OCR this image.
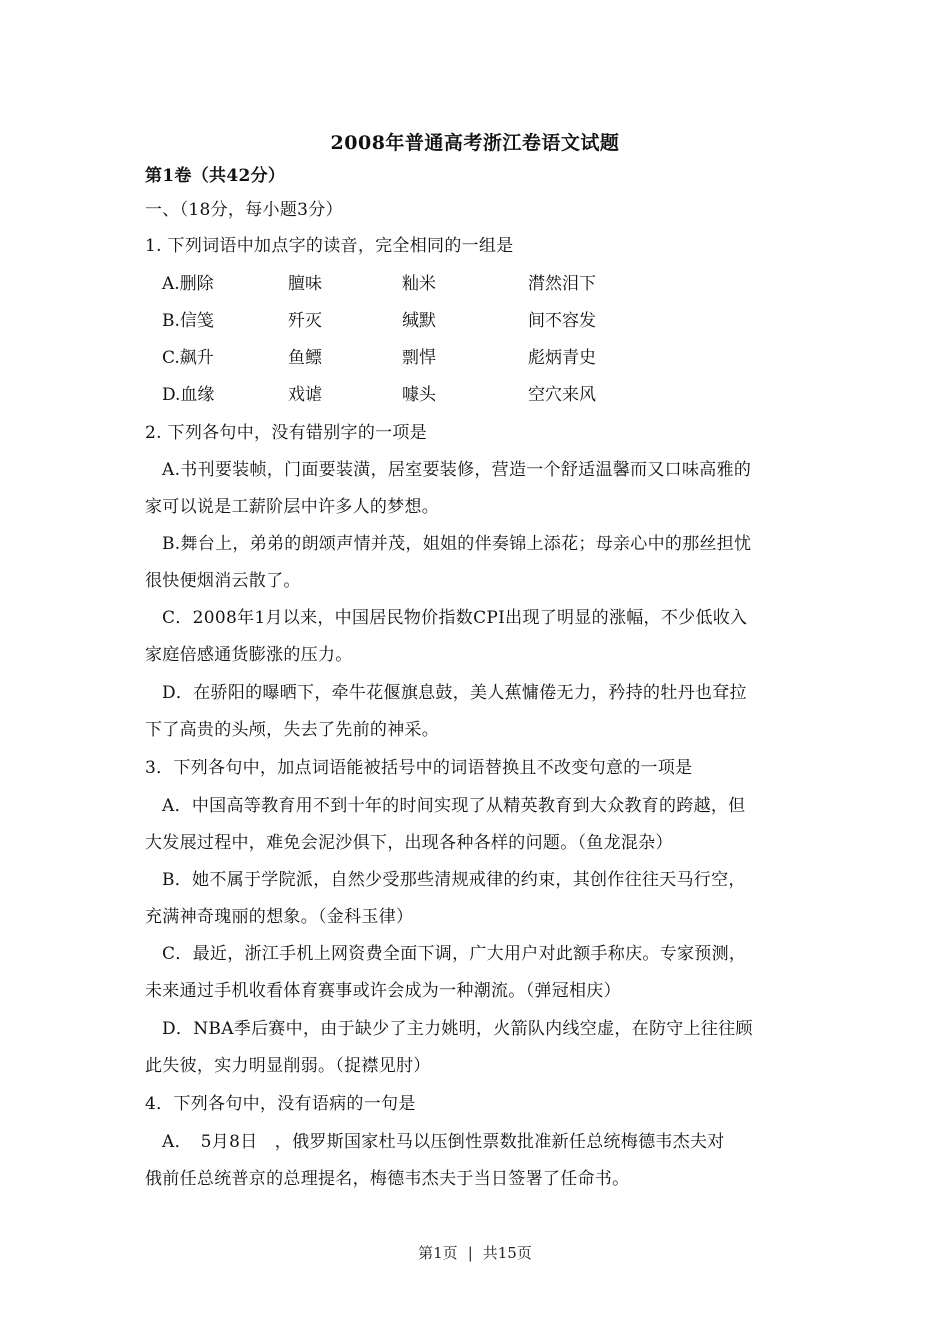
2008年普通高考浙江卷语文试题
第1卷（共42分）
一、（18分，每小题3分）
1. 下列词语中加点字的读音，完全相同的一组是
A.删除	膻味	籼米	潸然泪下
B.信笺	歼灭	缄默	间不容发
C.飙升	鱼鳔	剽悍	彪炳青史
D.血缘	戏谑	噱头	空穴来风
2. 下列各句中，没有错别字的一项是
A.书刊要装帧，门面要装潢，居室要装修，营造一个舒适温馨而又口味高雅的
家可以说是工薪阶层中许多人的梦想。
B.舞台上，弟弟的朗颂声情并茂，姐姐的伴奏锦上添花；母亲心中的那丝担忧
很快便烟消云散了。
C．2008年1月以来，中国居民物价指数CPI出现了明显的涨幅，不少低收入
家庭倍感通货膨涨的压力。
D．在骄阳的曝晒下，牵牛花偃旗息鼓，美人蕉慵倦无力，矜持的牡丹也耷拉
下了高贵的头颅，失去了先前的神采。
3．下列各句中，加点词语能被括号中的词语替换且不改变句意的一项是
A．中国高等教育用不到十年的时间实现了从精英教育到大众教育的跨越，但
大发展过程中，难免会泥沙俱下，出现各种各样的问题。（鱼龙混杂）
B．她不属于学院派，自然少受那些清规戒律的约束，其创作往往天马行空，
充满神奇瑰丽的想象。（金科玉律）
C．最近，浙江手机上网资费全面下调，广大用户对此额手称庆。专家预测，
未来通过手机收看体育赛事或许会成为一种潮流。（弹冠相庆）
D．NBA季后赛中，由于缺少了主力姚明，火箭队内线空虚，在防守上往往顾
此失彼，实力明显削弱。（捉襟见肘）
4．下列各句中，没有语病的一句是
A．　5月8日　，俄罗斯国家杜马以压倒性票数批准新任总统梅德韦杰夫对
俄前任总统普京的总理提名，梅德韦杰夫于当日签署了任命书。
第1页 | 共15页
